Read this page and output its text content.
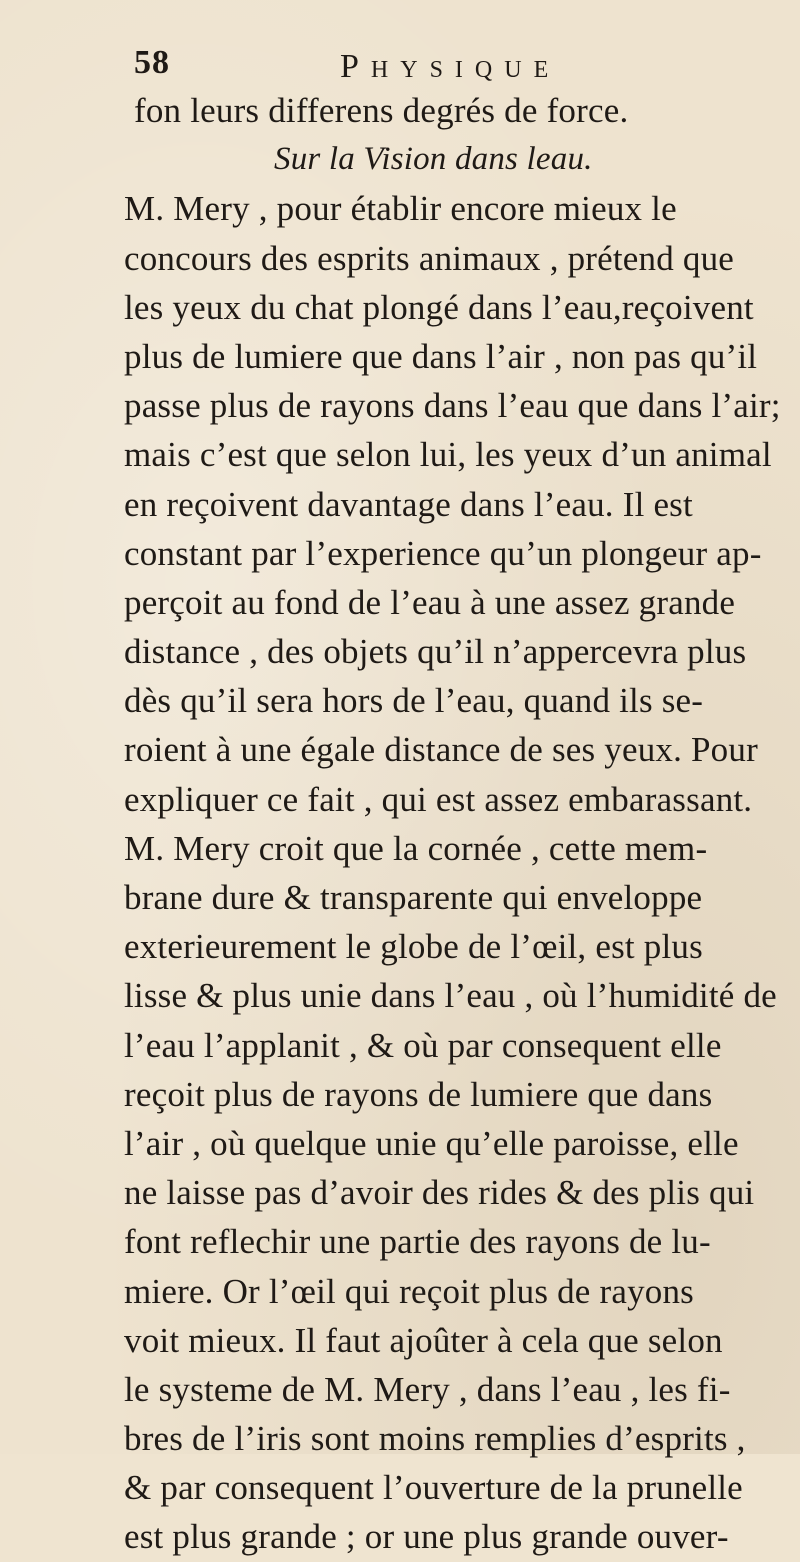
58	Physique
fon leurs differens degrés de force.
Sur la Vision dans leau.
M. Mery , pour établir encore mieux le
concours des esprits animaux , prétend que
les yeux du chat plongé dans l’eau,reçoivent
plus de lumiere que dans l’air , non pas qu’il
passe plus de rayons dans l’eau que dans l’air;
mais c’est que selon lui, les yeux d’un animal
en reçoivent davantage dans l’eau. Il est
constant par l’experience qu’un plongeur ap-
perçoit au fond de l’eau à une assez grande
distance , des objets qu’il n’appercevra plus
dès qu’il sera hors de l’eau, quand ils se-
roient à une égale distance de ses yeux. Pour
expliquer ce fait , qui est assez embarassant.
M. Mery croit que la cornée , cette mem-
brane dure & transparente qui enveloppe
exterieurement le globe de l’œil, est plus
lisse & plus unie dans l’eau , où l’humidité de
l’eau l’applanit , & où par consequent elle
reçoit plus de rayons de lumiere que dans
l’air , où quelque unie qu’elle paroisse, elle
ne laisse pas d’avoir des rides & des plis qui
font reflechir une partie des rayons de lu-
miere. Or l’œil qui reçoit plus de rayons
voit mieux. Il faut ajoûter à cela que selon
le systeme de M. Mery , dans l’eau , les fi-
bres de l’iris sont moins remplies d’esprits ,
& par consequent l’ouverture de la prunelle
est plus grande ; or une plus grande ouver-
